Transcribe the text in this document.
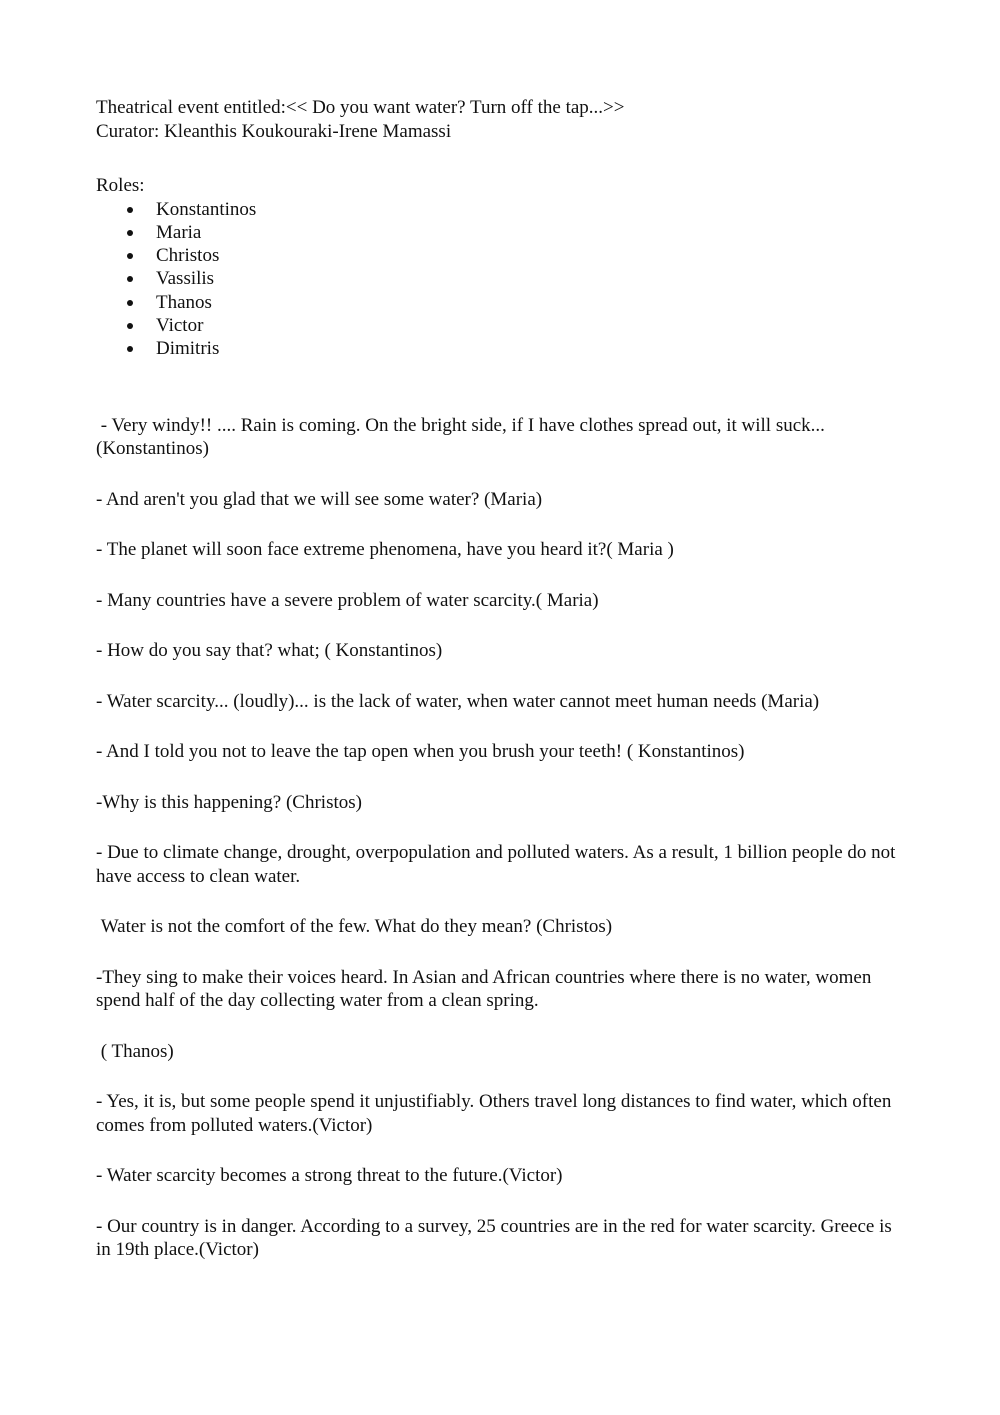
Theatrical event entitled:<< Do you want water? Turn off the tap...>>

Curator: Kleanthis Koukouraki-Irene Mamassi

Roles:

Konstantinos
Maria
Christos
Vassilis
Thanos
Victor
Dimitris

- Very windy!! .... Rain is coming. On the bright side, if I have clothes spread out, it will suck... (Konstantinos)

- And aren't you glad that we will see some water? (Maria)

- The planet will soon face extreme phenomena, have you heard it?( Maria )

- Many countries have a severe problem of water scarcity.( Maria)

- How do you say that? what; ( Konstantinos)

- Water scarcity... (loudly)... is the lack of water, when water cannot meet human needs (Maria)

- And I told you not to leave the tap open when you brush your teeth! ( Konstantinos)

-Why is this happening? (Christos)

- Due to climate change, drought, overpopulation and polluted waters. As a result, 1 billion people do not have access to clean water.

Water is not the comfort of the few. What do they mean? (Christos)

-They sing to make their voices heard. In Asian and African countries where there is no water, women spend half of the day collecting water from a clean spring.

( Thanos)

- Yes, it is, but some people spend it unjustifiably. Others travel long distances to find water, which often comes from polluted waters.(Victor)

- Water scarcity becomes a strong threat to the future.(Victor)

- Our country is in danger. According to a survey, 25 countries are in the red for water scarcity. Greece is in 19th place.(Victor)
